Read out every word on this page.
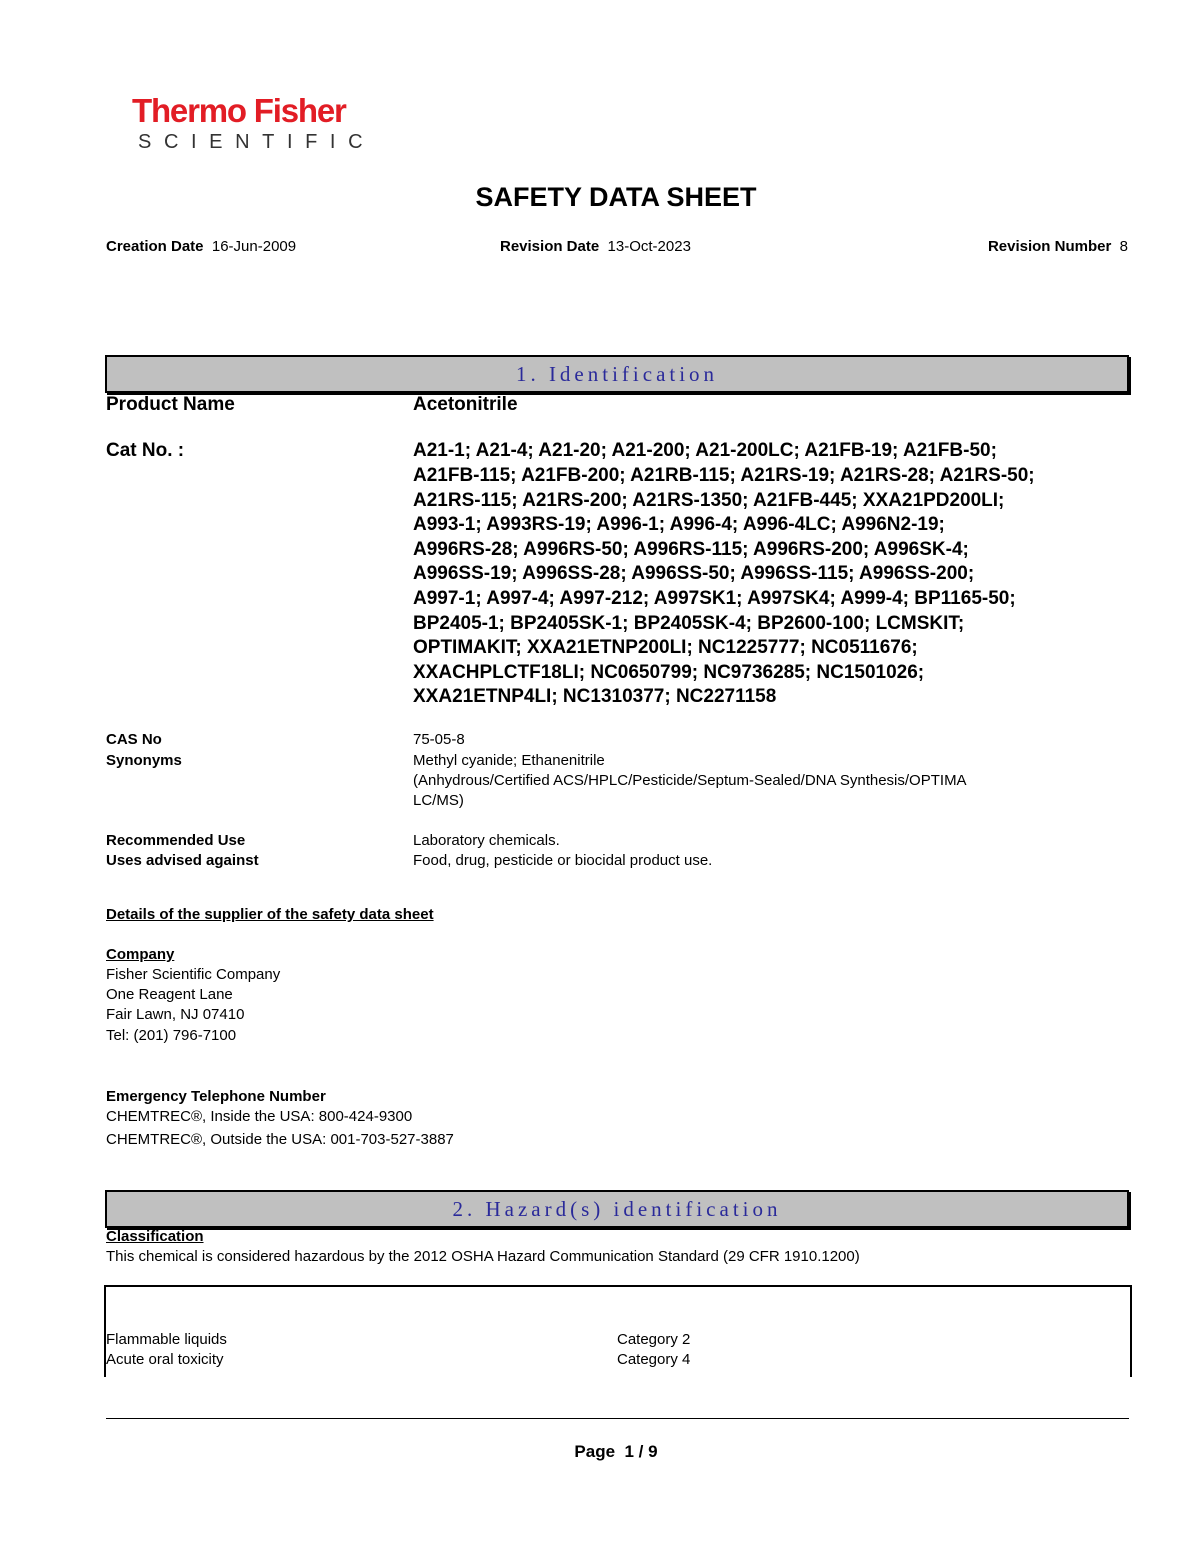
Thermo Fisher
SCIENTIFIC
SAFETY DATA SHEET
Creation Date 16-Jun-2009	Revision Date 13-Oct-2023	Revision Number 8
1. Identification
Product Name	Acetonitrile
Cat No. :	A21-1; A21-4; A21-20; A21-200; A21-200LC; A21FB-19; A21FB-50;
A21FB-115; A21FB-200; A21RB-115; A21RS-19; A21RS-28; A21RS-50;
A21RS-115; A21RS-200; A21RS-1350; A21FB-445; XXA21PD200LI;
A993-1; A993RS-19; A996-1; A996-4; A996-4LC; A996N2-19;
A996RS-28; A996RS-50; A996RS-115; A996RS-200; A996SK-4;
A996SS-19; A996SS-28; A996SS-50; A996SS-115; A996SS-200;
A997-1; A997-4; A997-212; A997SK1; A997SK4; A999-4; BP1165-50;
BP2405-1; BP2405SK-1; BP2405SK-4; BP2600-100; LCMSKIT;
OPTIMAKIT; XXA21ETNP200LI; NC1225777; NC0511676;
XXACHPLCTF18LI; NC0650799; NC9736285; NC1501026;
XXA21ETNP4LI; NC1310377; NC2271158
CAS No	75-05-8
Synonyms	Methyl cyanide; Ethanenitrile
(Anhydrous/Certified ACS/HPLC/Pesticide/Septum-Sealed/DNA Synthesis/OPTIMA
LC/MS)
Recommended Use	Laboratory chemicals.
Uses advised against	Food, drug, pesticide or biocidal product use.
Details of the supplier of the safety data sheet
Company
Fisher Scientific Company
One Reagent Lane
Fair Lawn, NJ 07410
Tel: (201) 796-7100
Emergency Telephone Number
CHEMTREC®, Inside the USA: 800-424-9300
CHEMTREC®, Outside the USA: 001-703-527-3887
2. Hazard(s) identification
Classification
This chemical is considered hazardous by the 2012 OSHA Hazard Communication Standard (29 CFR 1910.1200)
Flammable liquids	Category 2
Acute oral toxicity	Category 4
Page 1 / 9
